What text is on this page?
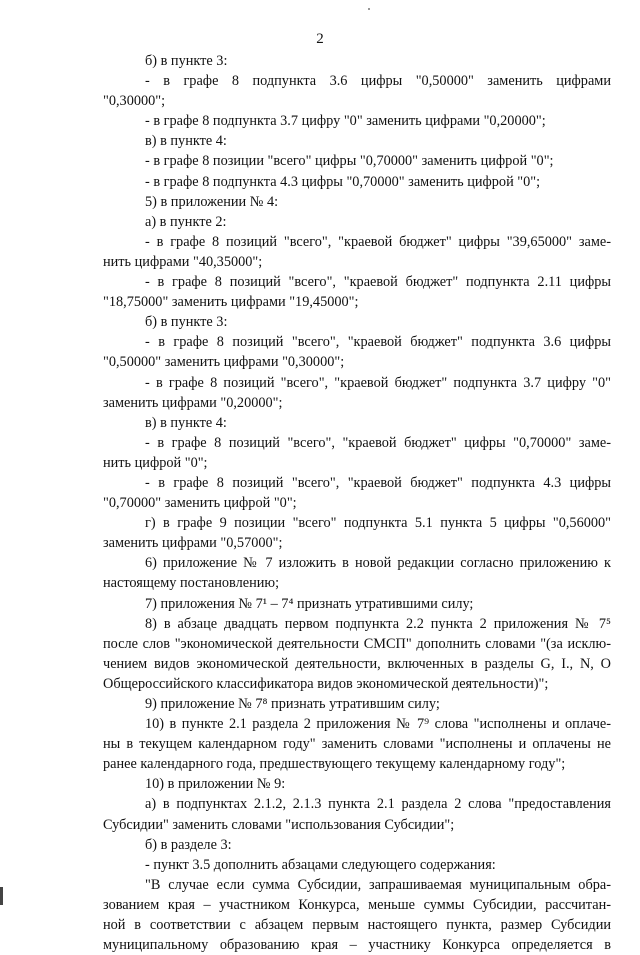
2
б) в пункте 3:
- в графе 8 подпункта 3.6 цифры "0,50000" заменить цифрами
"0,30000";
- в графе 8 подпункта 3.7 цифру "0" заменить цифрами "0,20000";
в) в пункте 4:
- в графе 8 позиции "всего" цифры "0,70000" заменить цифрой "0";
- в графе 8 подпункта 4.3 цифры "0,70000" заменить цифрой "0";
5) в приложении № 4:
а) в пункте 2:
- в графе 8 позиций "всего", "краевой бюджет" цифры "39,65000" заме-
нить цифрами "40,35000";
- в графе 8 позиций "всего", "краевой бюджет" подпункта 2.11 цифры
"18,75000" заменить цифрами "19,45000";
б) в пункте 3:
- в графе 8 позиций "всего", "краевой бюджет" подпункта 3.6 цифры
"0,50000" заменить цифрами "0,30000";
- в графе 8 позиций "всего", "краевой бюджет" подпункта 3.7 цифру "0"
заменить цифрами "0,20000";
в) в пункте 4:
- в графе 8 позиций "всего", "краевой бюджет" цифры "0,70000" заме-
нить цифрой "0";
- в графе 8 позиций "всего", "краевой бюджет" подпункта 4.3 цифры
"0,70000" заменить цифрой "0";
г) в графе 9 позиции "всего" подпункта 5.1 пункта 5 цифры "0,56000"
заменить цифрами "0,57000";
6) приложение № 7 изложить в новой редакции согласно приложению к
настоящему постановлению;
7) приложения № 7¹ – 7⁴ признать утратившими силу;
8) в абзаце двадцать первом подпункта 2.2 пункта 2 приложения № 7⁵
после слов "экономической деятельности СМСП" дополнить словами "(за исклю-
чением видов экономической деятельности, включенных в разделы G, I., N, O
Общероссийского классификатора видов экономической деятельности)";
9) приложение № 7⁸ признать утратившим силу;
10) в пункте 2.1 раздела 2 приложения № 7⁹ слова "исполнены и оплаче-
ны в текущем календарном году" заменить словами "исполнены и оплачены не
ранее календарного года, предшествующего текущему календарному году";
10) в приложении № 9:
а) в подпунктах 2.1.2, 2.1.3 пункта 2.1 раздела 2 слова "предоставления
Субсидии" заменить словами "использования Субсидии";
б) в разделе 3:
- пункт 3.5 дополнить абзацами следующего содержания:
"В случае если сумма Субсидии, запрашиваемая муниципальным обра-
зованием края – участником Конкурса, меньше суммы Субсидии, рассчитан-
ной в соответствии с абзацем первым настоящего пункта, размер Субсидии
муниципальному образованию края – участнику Конкурса определяется в
